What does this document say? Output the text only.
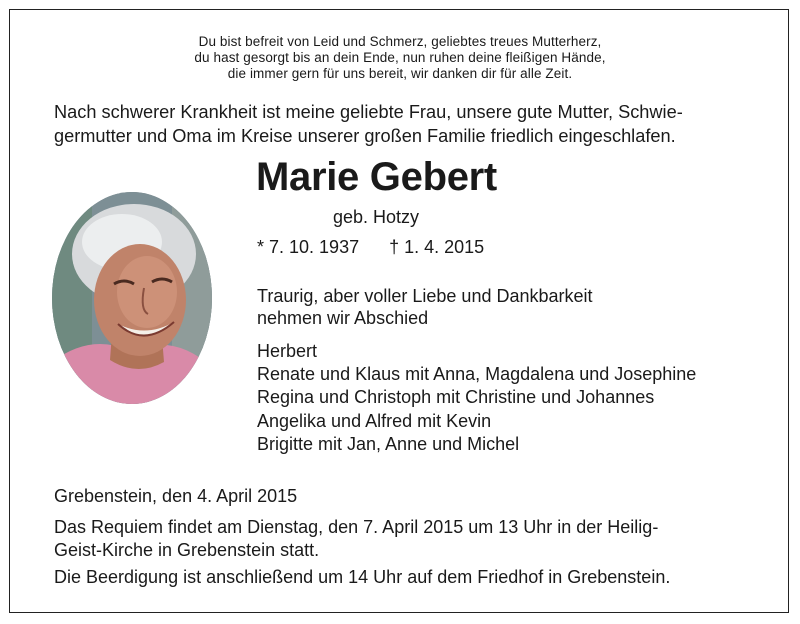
Du bist befreit von Leid und Schmerz, geliebtes treues Mutterherz,
du hast gesorgt bis an dein Ende, nun ruhen deine fleißigen Hände,
die immer gern für uns bereit, wir danken dir für alle Zeit.
Nach schwerer Krankheit ist meine geliebte Frau, unsere gute Mutter, Schwie-
germutter und Oma im Kreise unserer großen Familie friedlich eingeschlafen.
Marie Gebert
geb. Hotzy
* 7. 10. 1937 † 1. 4. 2015
Traurig, aber voller Liebe und Dankbarkeit
nehmen wir Abschied
Herbert
Renate und Klaus mit Anna, Magdalena und Josephine
Regina und Christoph mit Christine und Johannes
Angelika und Alfred mit Kevin
Brigitte mit Jan, Anne und Michel
Grebenstein, den 4. April 2015
Das Requiem findet am Dienstag, den 7. April 2015 um 13 Uhr in der Heilig-
Geist-Kirche in Grebenstein statt.
Die Beerdigung ist anschließend um 14 Uhr auf dem Friedhof in Grebenstein.
